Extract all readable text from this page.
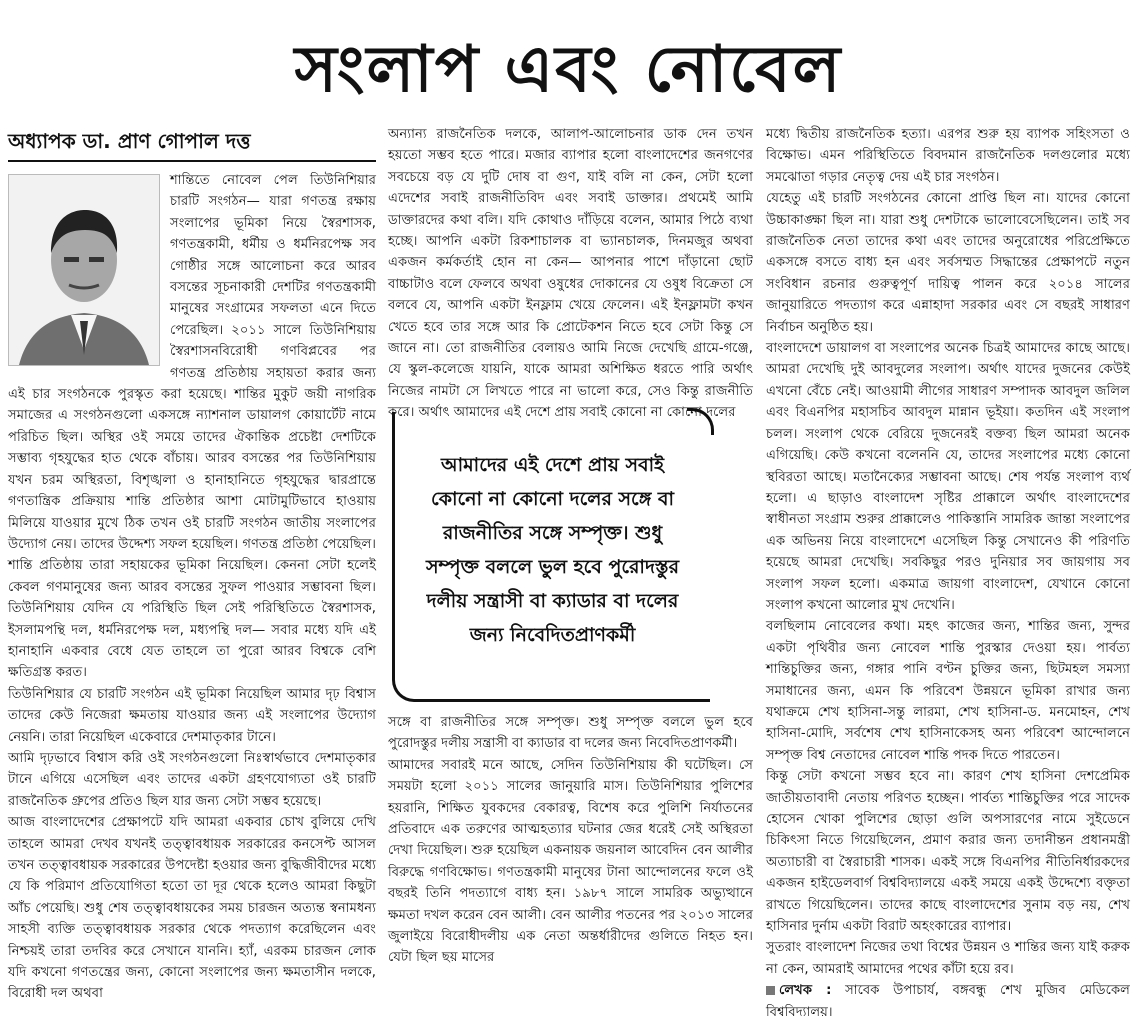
সংলাপ এবং নোবেল
অধ্যাপক ডা. প্রাণ গোপাল দত্ত

শান্তিতে নোবেল পেল তিউনিশিয়ার চারটি সংগঠন— যারা গণতন্ত্র রক্ষায় সংলাপের ভূমিকা নিয়ে স্বৈরশাসক, গণতন্ত্রকামী, ধর্মীয় ও ধর্মনিরপেক্ষ সব গোষ্ঠীর সঙ্গে আলোচনা করে আরব বসন্তের সূচনাকারী দেশটির গণতন্ত্রকামী মানুষের সংগ্রামের সফলতা এনে দিতে পেরেছিল। ২০১১ সালে তিউনিশিয়ায় স্বৈরশাসনবিরোধী গণবিপ্লবের পর গণতন্ত্র প্রতিষ্ঠায় সহায়তা করার জন্য এই চার সংগঠনকে পুরস্কৃত করা হয়েছে। শান্তির মুকুট জয়ী নাগরিক সমাজের এ সংগঠনগুলো একসঙ্গে ন্যাশনাল ডায়ালগ কোয়ার্টেট নামে পরিচিত ছিল। অস্থির ওই সময়ে তাদের ঐকান্তিক প্রচেষ্টা দেশটিকে সম্ভাব্য গৃহযুদ্ধের হাত থেকে বাঁচায়। আরব বসন্তের পর তিউনিশিয়ায় যখন চরম অস্থিরতা, বিশৃঙ্খলা ও হানাহানিতে গৃহযুদ্ধের দ্বারপ্রান্তে গণতান্ত্রিক প্রক্রিয়ায় শান্তি প্রতিষ্ঠার আশা মোটামুটিভাবে হাওয়ায় মিলিয়ে যাওয়ার মুখে ঠিক তখন ওই চারটি সংগঠন জাতীয় সংলাপের উদ্যোগ নেয়। তাদের উদ্দেশ্য সফল হয়েছিল। গণতন্ত্র প্রতিষ্ঠা পেয়েছিল। শান্তি প্রতিষ্ঠায় তারা সহায়কের ভূমিকা নিয়েছিল। কেননা সেটা হলেই কেবল গণমানুষের জন্য আরব বসন্তের সুফল পাওয়ার সম্ভাবনা ছিল। তিউনিশিয়ায় যেদিন যে পরিস্থিতি ছিল সেই পরিস্থিতিতে স্বৈরশাসক, ইসলামপন্থি দল, ধর্মনিরপেক্ষ দল, মধ্যপন্থি দল— সবার মধ্যে যদি এই হানাহানি একবার বেধে যেত তাহলে তা পুরো আরব বিশ্বকে বেশি ক্ষতিগ্রস্ত করত।

তিউনিশিয়ার যে চারটি সংগঠন এই ভূমিকা নিয়েছিল আমার দৃঢ় বিশ্বাস তাদের কেউ নিজেরা ক্ষমতায় যাওয়ার জন্য এই সংলাপের উদ্যোগ নেয়নি। তারা নিয়েছিল একেবারে দেশমাতৃকার টানে।

আমি দৃঢ়ভাবে বিশ্বাস করি ওই সংগঠনগুলো নিঃস্বার্থভাবে দেশমাতৃকার টানে এগিয়ে এসেছিল এবং তাদের একটা গ্রহণযোগ্যতা ওই চারটি রাজনৈতিক গ্রুপের প্রতিও ছিল যার জন্য সেটা সম্ভব হয়েছে।

আজ বাংলাদেশের প্রেক্ষাপটে যদি আমরা একবার চোখ বুলিয়ে দেখি তাহলে আমরা দেখব যখনই তত্ত্বাবধায়ক সরকারের কনসেপ্ট আসল তখন তত্ত্বাবধায়ক সরকারের উপদেষ্টা হওয়ার জন্য বুদ্ধিজীবীদের মধ্যে যে কি পরিমাণ প্রতিযোগিতা হতো তা দূর থেকে হলেও আমরা কিছুটা আঁচ পেয়েছি। শুধু শেষ তত্ত্বাবধায়কের সময় চারজন অত্যন্ত স্বনামধন্য সাহসী ব্যক্তি তত্ত্বাবধায়ক সরকার থেকে পদত্যাগ করেছিলেন এবং নিশ্চয়ই তারা তদবির করে সেখানে যাননি। হ্যাঁ, এরকম চারজন লোক যদি কখনো গণতন্ত্রের জন্য, কোনো সংলাপের জন্য ক্ষমতাসীন দলকে, বিরোধী দল অথবা

অন্যান্য রাজনৈতিক দলকে, আলাপ-আলোচনার ডাক দেন তখন হয়তো সম্ভব হতে পারে। মজার ব্যাপার হলো বাংলাদেশের জনগণের সবচেয়ে বড় যে দুটি দোষ বা গুণ, যাই বলি না কেন, সেটা হলো এদেশের সবাই রাজনীতিবিদ এবং সবাই ডাক্তার। প্রথমেই আমি ডাক্তারদের কথা বলি। যদি কোথাও দাঁড়িয়ে বলেন, আমার পিঠে ব্যথা হচ্ছে। আপনি একটা রিকশাচালক বা ভ্যানচালক, দিনমজুর অথবা একজন কর্মকর্তাই হোন না কেন— আপনার পাশে দাঁড়ানো ছোট বাচ্চাটাও বলে ফেলবে অথবা ওষুধের দোকানের যে ওষুধ বিক্রেতা সে বলবে যে, আপনি একটা ইনফ্লাম খেয়ে ফেলেন। এই ইনফ্লামটা কখন খেতে হবে তার সঙ্গে আর কি প্রোটেকশন নিতে হবে সেটা কিন্তু সে জানে না। তো রাজনীতির বেলায়ও আমি নিজে দেখেছি গ্রামে-গঞ্জে, যে স্কুল-কলেজে যায়নি, যাকে আমরা অশিক্ষিত ধরতে পারি অর্থাৎ নিজের নামটা সে লিখতে পারে না ভালো করে, সেও কিন্তু রাজনীতি করে। অর্থাৎ আমাদের এই দেশে প্রায় সবাই কোনো না কোনো দলের

আমাদের এই দেশে প্রায় সবাই কোনো না কোনো দলের সঙ্গে বা রাজনীতির সঙ্গে সম্পৃক্ত। শুধু সম্পৃক্ত বললে ভুল হবে পুরোদস্তুর দলীয় সন্ত্রাসী বা ক্যাডার বা দলের জন্য নিবেদিতপ্রাণকর্মী

সঙ্গে বা রাজনীতির সঙ্গে সম্পৃক্ত। শুধু সম্পৃক্ত বললে ভুল হবে পুরোদস্তুর দলীয় সন্ত্রাসী বা ক্যাডার বা দলের জন্য নিবেদিতপ্রাণকর্মী।

আমাদের সবারই মনে আছে, সেদিন তিউনিশিয়ায় কী ঘটেছিল। সে সময়টা হলো ২০১১ সালের জানুয়ারি মাস। তিউনিশিয়ার পুলিশের হয়রানি, শিক্ষিত যুবকদের বেকারত্ব, বিশেষ করে পুলিশি নির্যাতনের প্রতিবাদে এক তরুণের আত্মহত্যার ঘটনার জের ধরেই সেই অস্থিরতা দেখা দিয়েছিল। শুরু হয়েছিল একনায়ক জয়নাল আবেদিন বেন আলীর বিরুদ্ধে গণবিক্ষোভ। গণতন্ত্রকামী মানুষের টানা আন্দোলনের ফলে ওই বছরই তিনি পদত্যাগে বাধ্য হন। ১৯৮৭ সালে সামরিক অভ্যুত্থানে ক্ষমতা দখল করেন বেন আলী। বেন আলীর পতনের পর ২০১৩ সালের জুলাইয়ে বিরোধীদলীয় এক নেতা অন্তর্ধারীদের গুলিতে নিহত হন। যেটা ছিল ছয় মাসের

মধ্যে দ্বিতীয় রাজনৈতিক হত্যা। এরপর শুরু হয় ব্যাপক সহিংসতা ও বিক্ষোভ। এমন পরিস্থিতিতে বিবদমান রাজনৈতিক দলগুলোর মধ্যে সমঝোতা গড়ার নেতৃত্ব দেয় এই চার সংগঠন।

যেহেতু এই চারটি সংগঠনের কোনো প্রাপ্তি ছিল না। যাদের কোনো উচ্চাকাঙ্ক্ষা ছিল না। যারা শুধু দেশটাকে ভালোবেসেছিলেন। তাই সব রাজনৈতিক নেতা তাদের কথা এবং তাদের অনুরোধের পরিপ্রেক্ষিতে একসঙ্গে বসতে বাধ্য হন এবং সর্বসম্মত সিদ্ধান্তের প্রেক্ষাপটে নতুন সংবিধান রচনার গুরুত্বপূর্ণ দায়িত্ব পালন করে ২০১৪ সালের জানুয়ারিতে পদত্যাগ করে এন্নাহাদা সরকার এবং সে বছরই সাধারণ নির্বাচন অনুষ্ঠিত হয়।

বাংলাদেশে ডায়ালগ বা সংলাপের অনেক চিত্রই আমাদের কাছে আছে। আমরা দেখেছি দুই আবদুলের সংলাপ। অর্থাৎ যাদের দুজনের কেউই এখনো বেঁচে নেই। আওয়ামী লীগের সাধারণ সম্পাদক আবদুল জলিল এবং বিএনপির মহাসচিব আবদুল মান্নান ভূইয়া। কতদিন এই সংলাপ চলল। সংলাপ থেকে বেরিয়ে দুজনেরই বক্তব্য ছিল আমরা অনেক এগিয়েছি। কেউ কখনো বলেননি যে, তাদের সংলাপের মধ্যে কোনো স্থবিরতা আছে। মতানৈক্যের সম্ভাবনা আছে। শেষ পর্যন্ত সংলাপ ব্যর্থ হলো। এ ছাড়াও বাংলাদেশ সৃষ্টির প্রাক্কালে অর্থাৎ বাংলাদেশের স্বাধীনতা সংগ্রাম শুরুর প্রাক্কালেও পাকিস্তানি সামরিক জান্তা সংলাপের এক অভিনয় নিয়ে বাংলাদেশে এসেছিল কিন্তু সেখানেও কী পরিণতি হয়েছে আমরা দেখেছি। সবকিছুর পরও দুনিয়ার সব জায়গায় সব সংলাপ সফল হলো। একমাত্র জায়গা বাংলাদেশ, যেখানে কোনো সংলাপ কখনো আলোর মুখ দেখেনি।

বলছিলাম নোবেলের কথা। মহৎ কাজের জন্য, শান্তির জন্য, সুন্দর একটা পৃথিবীর জন্য নোবেল শান্তি পুরস্কার দেওয়া হয়। পার্বত্য শান্তিচুক্তির জন্য, গঙ্গার পানি বণ্টন চুক্তির জন্য, ছিটমহল সমস্যা সমাধানের জন্য, এমন কি পরিবেশ উন্নয়নে ভূমিকা রাখার জন্য যথাক্রমে শেখ হাসিনা-সন্তু লারমা, শেখ হাসিনা-ড. মনমোহন, শেখ হাসিনা-মোদি, সর্বশেষ শেখ হাসিনাকেসহ অন্য পরিবেশ আন্দোলনে সম্পৃক্ত বিশ্ব নেতাদের নোবেল শান্তি পদক দিতে পারতেন।

কিন্তু সেটা কখনো সম্ভব হবে না। কারণ শেখ হাসিনা দেশপ্রেমিক জাতীয়তাবাদী নেতায় পরিণত হচ্ছেন। পার্বত্য শান্তিচুক্তির পরে সাদেক হোসেন খোকা পুলিশের ছোড়া গুলি অপসারণের নামে সুইডেনে চিকিৎসা নিতে গিয়েছিলেন, প্রমাণ করার জন্য তদানীন্তন প্রধানমন্ত্রী অত্যাচারী বা স্বৈরাচারী শাসক। একই সঙ্গে বিএনপির নীতিনির্ধারকদের একজন হাইডেলবার্গ বিশ্ববিদ্যালয়ে একই সময়ে একই উদ্দেশ্যে বক্তৃতা রাখতে গিয়েছিলেন। তাদের কাছে বাংলাদেশের সুনাম বড় নয়, শেখ হাসিনার দুর্নাম একটা বিরাট অহংকারের ব্যাপার।

সুতরাং বাংলাদেশ নিজের তথা বিশ্বের উন্নয়ন ও শান্তির জন্য যাই করুক না কেন, আমরাই আমাদের পথের কাঁটা হয়ে রব।

লেখক : সাবেক উপাচার্য, বঙ্গবন্ধু শেখ মুজিব মেডিকেল বিশ্ববিদ্যালয়।
